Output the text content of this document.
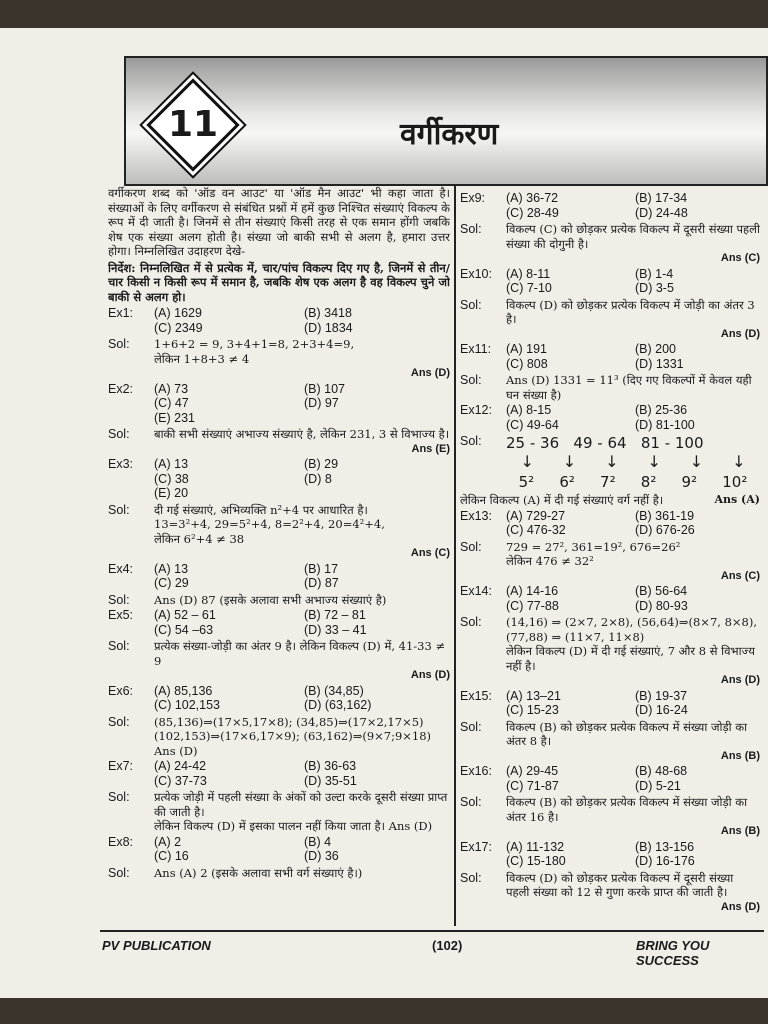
11	वर्गीकरण

वर्गीकरण शब्द को 'ऑड वन आउट' या 'ऑड मैन आउट' भी कहा जाता है। संख्याओं के लिए वर्गीकरण से संबंधित प्रश्नों में हमें कुछ निश्चित संख्याएं विकल्प के रूप में दी जाती है। जिनमें से तीन संख्याएं किसी तरह से एक समान होंगी जबकि शेष एक संख्या अलग होती है। संख्या जो बाकी सभी से अलग है, हमारा उत्तर होगा। निम्नलिखित उदाहरण देखे-

निर्देश: निम्नलिखित में से प्रत्येक में, चार/पांच विकल्प दिए गए है, जिनमें से तीन/चार किसी न किसी रूप में समान है, जबकि शेष एक अलग है वह विकल्प चुने जो बाकी से अलग हो।

Ex1:	(A) 1629	(B) 3418
(C) 2349	(D) 1834
Sol:	1+6+2 = 9, 3+4+1=8, 2+3+4=9,
लेकिन 1+8+3 ≠ 4
Ans (D)
Ex2:	(A) 73	(B) 107
(C) 47	(D) 97
(E) 231
Sol:	बाकी सभी संख्याएं अभाज्य संख्याएं है, लेकिन 231, 3 से विभाज्य है।
Ans (E)
Ex3:	(A) 13	(B) 29
(C) 38	(D) 8
(E) 20
Sol:	दी गई संख्याएं, अभिव्यक्ति n²+4 पर आधारित है।
13=3²+4, 29=5²+4, 8=2²+4, 20=4²+4,
लेकिन 6²+4 ≠ 38
Ans (C)
Ex4:	(A) 13	(B) 17
(C) 29	(D) 87
Sol:	Ans (D) 87 (इसके अलावा सभी अभाज्य संख्याएं है)
Ex5:	(A) 52 – 61	(B) 72 – 81
(C) 54 –63	(D) 33 – 41
Sol:	प्रत्येक संख्या-जोड़ी का अंतर 9 है। लेकिन विकल्प (D) में, 41-33 ≠ 9
Ans (D)
Ex6:	(A) 85,136	(B) (34,85)
(C) 102,153	(D) (63,162)
Sol:	(85,136)⇒(17×5,17×8); (34,85)⇒(17×2,17×5)
(102,153)⇒(17×6,17×9); (63,162)⇒(9×7;9×18)
Ans (D)
Ex7:	(A) 24-42	(B) 36-63
(C) 37-73	(D) 35-51
Sol:	प्रत्येक जोड़ी में पहली संख्या के अंकों को उल्टा करके दूसरी संख्या प्राप्त की जाती है।
लेकिन विकल्प (D) में इसका पालन नहीं किया जाता है। Ans (D)
Ex8:	(A) 2	(B) 4
(C) 16	(D) 36
Sol:	Ans (A) 2 (इसके अलावा सभी वर्ग संख्याएं है।)
Ex9:	(A) 36-72	(B) 17-34
(C) 28-49	(D) 24-48
Sol:	विकल्प (C) को छोड़कर प्रत्येक विकल्प में दूसरी संख्या पहली संख्या की दोगुनी है।
Ans (C)
Ex10:	(A) 8-11	(B) 1-4
(C) 7-10	(D) 3-5
Sol:	विकल्प (D) को छोड़कर प्रत्येक विकल्प में जोड़ी का अंतर 3 है।
Ans (D)
Ex11:	(A) 191	(B) 200
(C) 808	(D) 1331
Sol:	Ans (D) 1331 = 11³ (दिए गए विकल्पों में केवल यही घन संख्या है)
Ex12:	(A) 8-15	(B) 25-36
(C) 49-64	(D) 81-100
Sol:	25 - 36   49 - 64   81 - 100
↓ ↓ ↓ ↓ ↓ ↓
5² 6² 7² 8² 9² 10²
लेकिन विकल्प (A) में दी गई संख्याएं वर्ग नहीं है।	Ans (A)
Ex13:	(A) 729-27	(B) 361-19
(C) 476-32	(D) 676-26
Sol:	729 = 27², 361=19², 676=26²
लेकिन 476 ≠ 32²
Ans (C)
Ex14:	(A) 14-16	(B) 56-64
(C) 77-88	(D) 80-93
Sol:	(14,16) ⇒ (2×7, 2×8), (56,64)⇒(8×7, 8×8),
(77,88) ⇒ (11×7, 11×8)
लेकिन विकल्प (D) में दी गई संख्याएं, 7 और 8 से विभाज्य नहीं है।
Ans (D)
Ex15:	(A) 13–21	(B) 19-37
(C) 15-23	(D) 16-24
Sol:	विकल्प (B) को छोड़कर प्रत्येक विकल्प में संख्या जोड़ी का अंतर 8 है।
Ans (B)
Ex16:	(A) 29-45	(B) 48-68
(C) 71-87	(D) 5-21
Sol:	विकल्प (B) को छोड़कर प्रत्येक विकल्प में संख्या जोड़ी का अंतर 16 है।
Ans (B)
Ex17:	(A) 11-132	(B) 13-156
(C) 15-180	(D) 16-176
Sol:	विकल्प (D) को छोड़कर प्रत्येक विकल्प में दूसरी संख्या पहली संख्या को 12 से गुणा करके प्राप्त की जाती है।
Ans (D)
PV PUBLICATION	(102)	BRING YOU SUCCESS
